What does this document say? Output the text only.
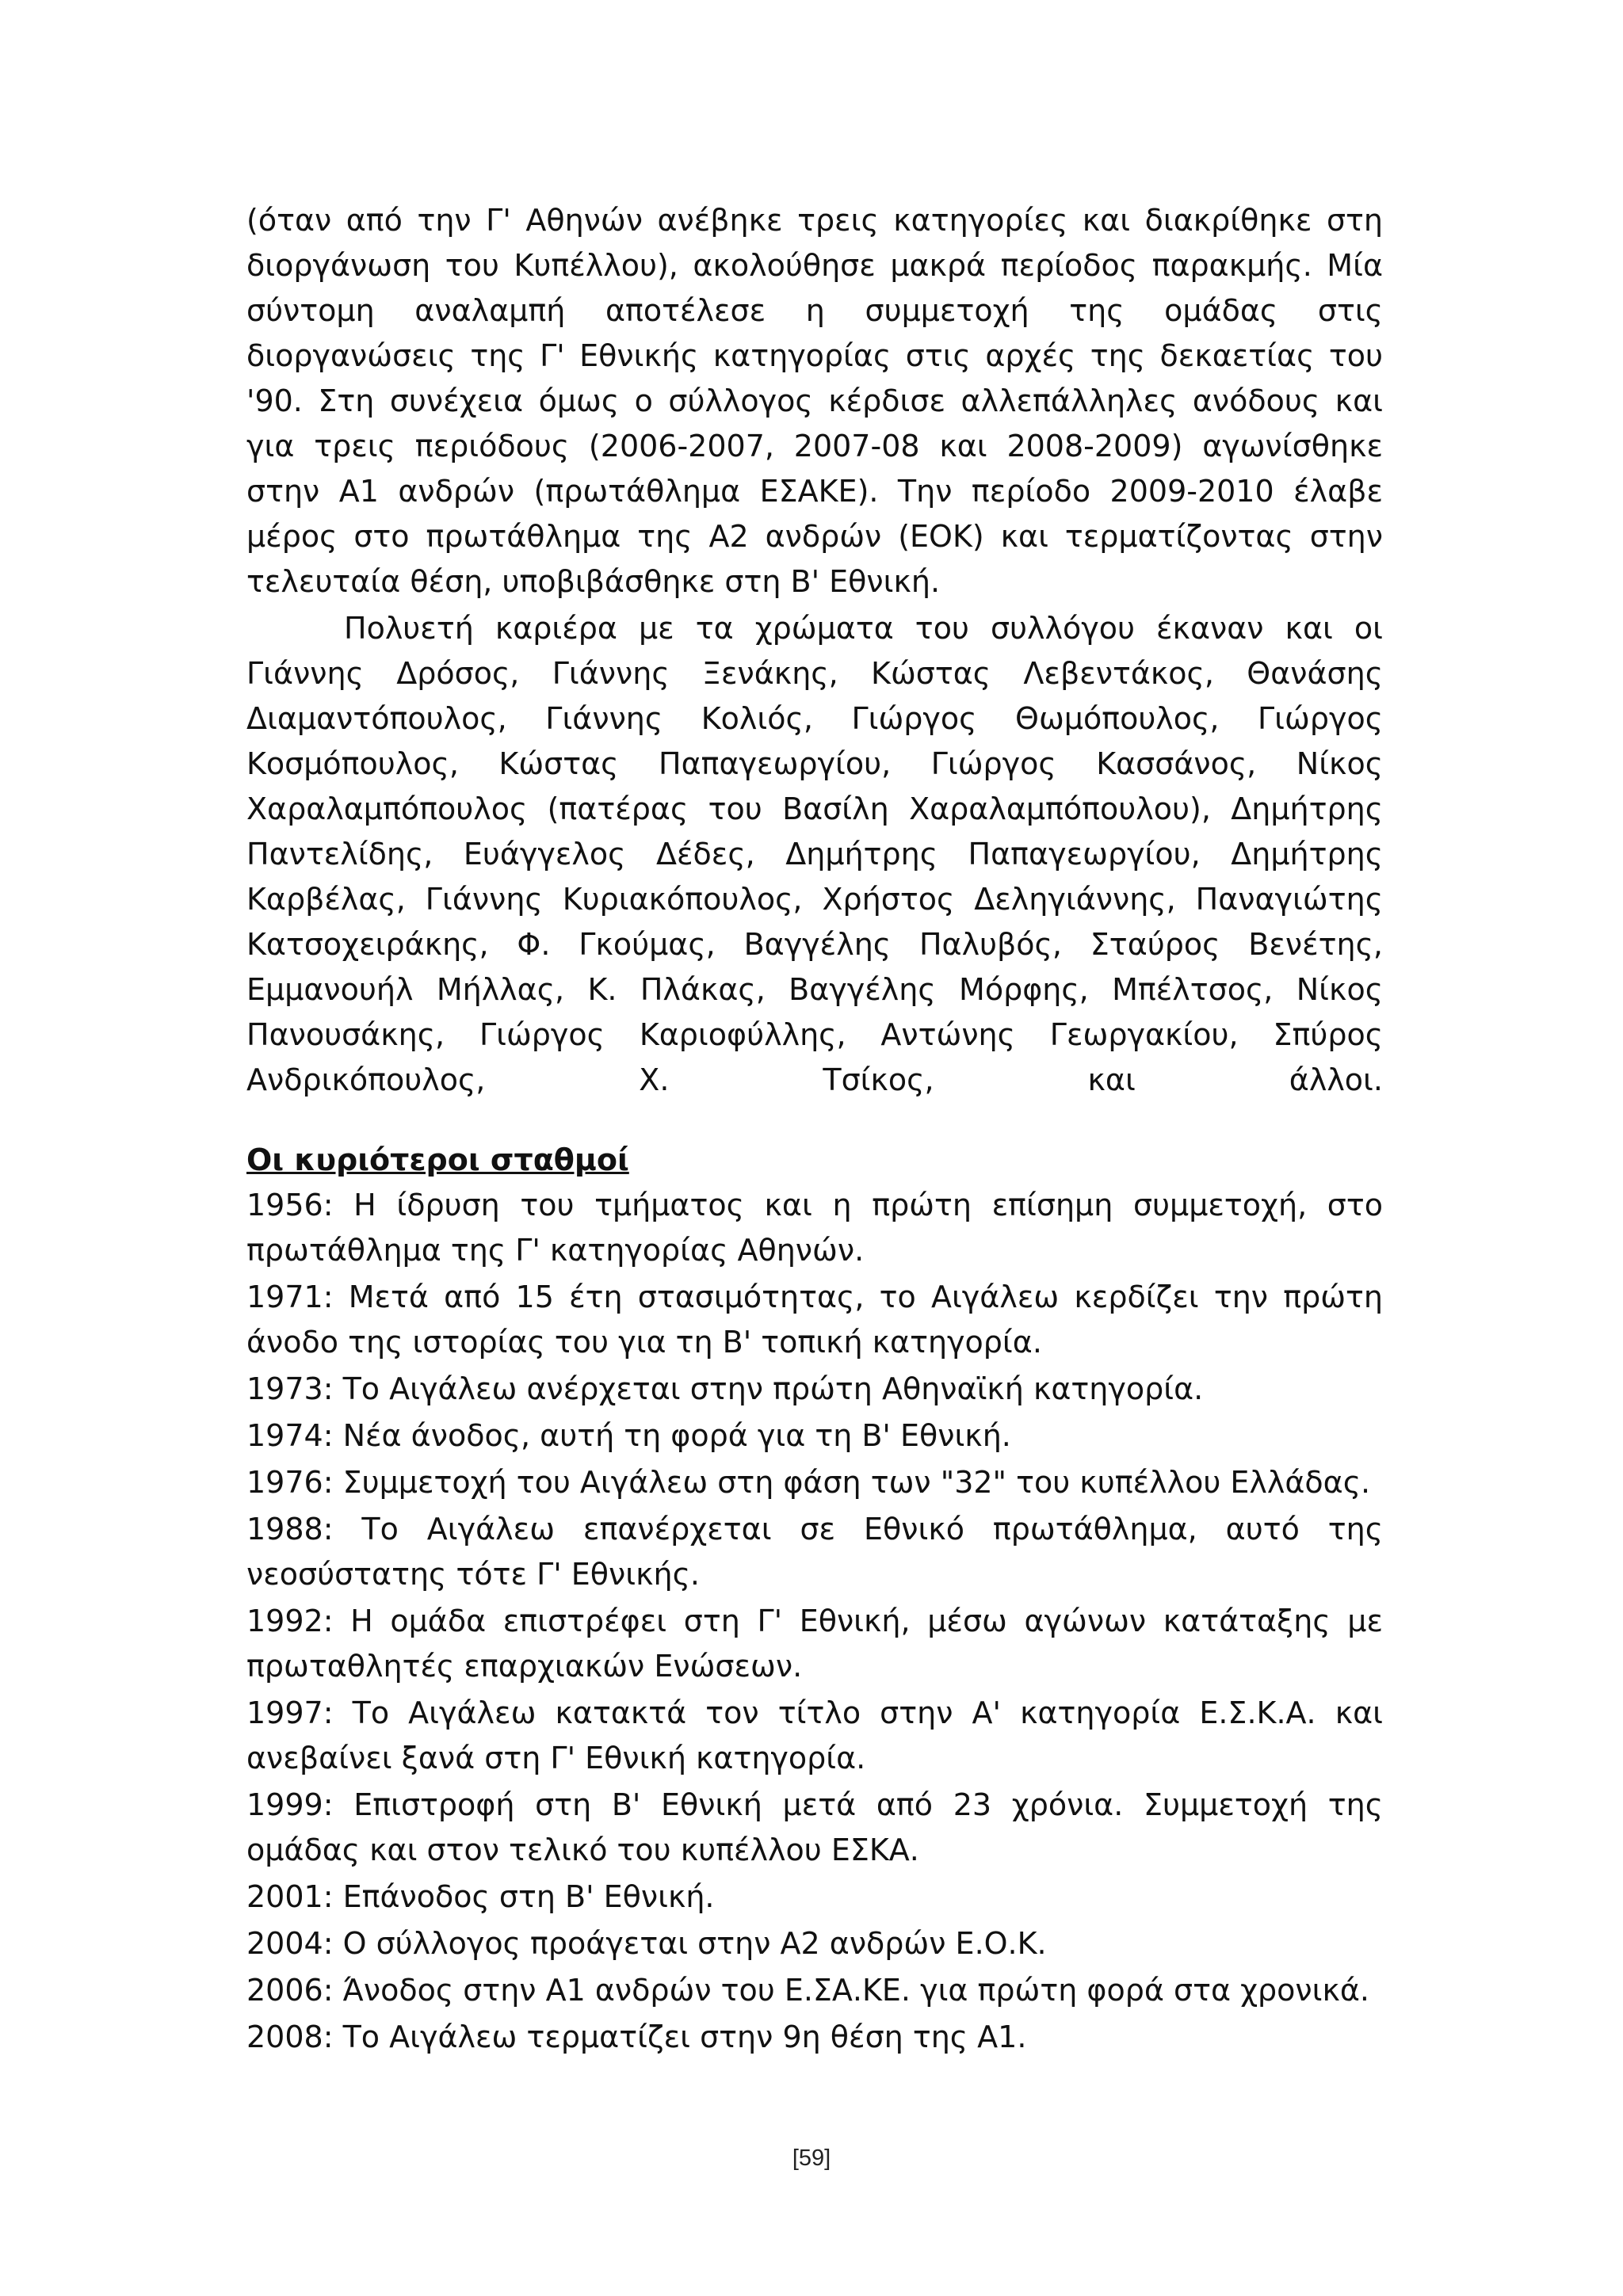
(όταν από την Γ' Αθηνών ανέβηκε τρεις κατηγορίες και διακρίθηκε στη διοργάνωση του Κυπέλλου), ακολούθησε μακρά περίοδος παρακμής. Μία σύντομη αναλαμπή αποτέλεσε η συμμετοχή της ομάδας στις διοργανώσεις της Γ' Εθνικής κατηγορίας στις αρχές της δεκαετίας του '90. Στη συνέχεια όμως ο σύλλογος κέρδισε αλλεπάλληλες ανόδους και για τρεις περιόδους (2006-2007, 2007-08 και 2008-2009) αγωνίσθηκε στην Α1 ανδρών (πρωτάθλημα ΕΣΑΚΕ). Την περίοδο 2009-2010 έλαβε μέρος στο πρωτάθλημα της Α2 ανδρών (ΕΟΚ) και τερματίζοντας στην τελευταία θέση, υποβιβάσθηκε στη Β' Εθνική.

Πολυετή καριέρα με τα χρώματα του συλλόγου έκαναν και οι Γιάννης Δρόσος, Γιάννης Ξενάκης, Κώστας Λεβεντάκος, Θανάσης Διαμαντόπουλος, Γιάννης Κολιός, Γιώργος Θωμόπουλος, Γιώργος Κοσμόπουλος, Κώστας Παπαγεωργίου, Γιώργος Κασσάνος, Νίκος Χαραλαμπόπουλος (πατέρας του Βασίλη Χαραλαμπόπουλου), Δημήτρης Παντελίδης, Ευάγγελος Δέδες, Δημήτρης Παπαγεωργίου, Δημήτρης Καρβέλας, Γιάννης Κυριακόπουλος, Χρήστος Δεληγιάννης, Παναγιώτης Κατσοχειράκης, Φ. Γκούμας, Βαγγέλης Παλυβός, Σταύρος Βενέτης, Εμμανουήλ Μήλλας, Κ. Πλάκας, Βαγγέλης Μόρφης, Μπέλτσος, Νίκος Πανουσάκης, Γιώργος Καριοφύλλης, Αντώνης Γεωργακίου, Σπύρος Ανδρικόπουλος, Χ. Τσίκος, και άλλοι.

Οι κυριότεροι σταθμοί
1956: Η ίδρυση του τμήματος και η πρώτη επίσημη συμμετοχή, στο πρωτάθλημα της Γ' κατηγορίας Αθηνών.
1971: Μετά από 15 έτη στασιμότητας, το Αιγάλεω κερδίζει την πρώτη άνοδο της ιστορίας του για τη Β' τοπική κατηγορία.
1973: Το Αιγάλεω ανέρχεται στην πρώτη Αθηναϊκή κατηγορία.
1974: Νέα άνοδος, αυτή τη φορά για τη Β' Εθνική.
1976: Συμμετοχή του Αιγάλεω στη φάση των "32" του κυπέλλου Ελλάδας.
1988: Το Αιγάλεω επανέρχεται σε Εθνικό πρωτάθλημα, αυτό της νεοσύστατης τότε Γ' Εθνικής.
1992: Η ομάδα επιστρέφει στη Γ' Εθνική, μέσω αγώνων κατάταξης με πρωταθλητές επαρχιακών Ενώσεων.
1997: Το Αιγάλεω κατακτά τον τίτλο στην Α' κατηγορία Ε.Σ.Κ.Α. και ανεβαίνει ξανά στη Γ' Εθνική κατηγορία.
1999: Επιστροφή στη Β' Εθνική μετά από 23 χρόνια. Συμμετοχή της ομάδας και στον τελικό του κυπέλλου ΕΣΚΑ.
2001: Επάνοδος στη Β' Εθνική.
2004: Ο σύλλογος προάγεται στην Α2 ανδρών Ε.Ο.Κ.
2006: Άνοδος στην Α1 ανδρών του Ε.ΣΑ.ΚΕ. για πρώτη φορά στα χρονικά.
2008: Το Αιγάλεω τερματίζει στην 9η θέση της Α1.
[59]
